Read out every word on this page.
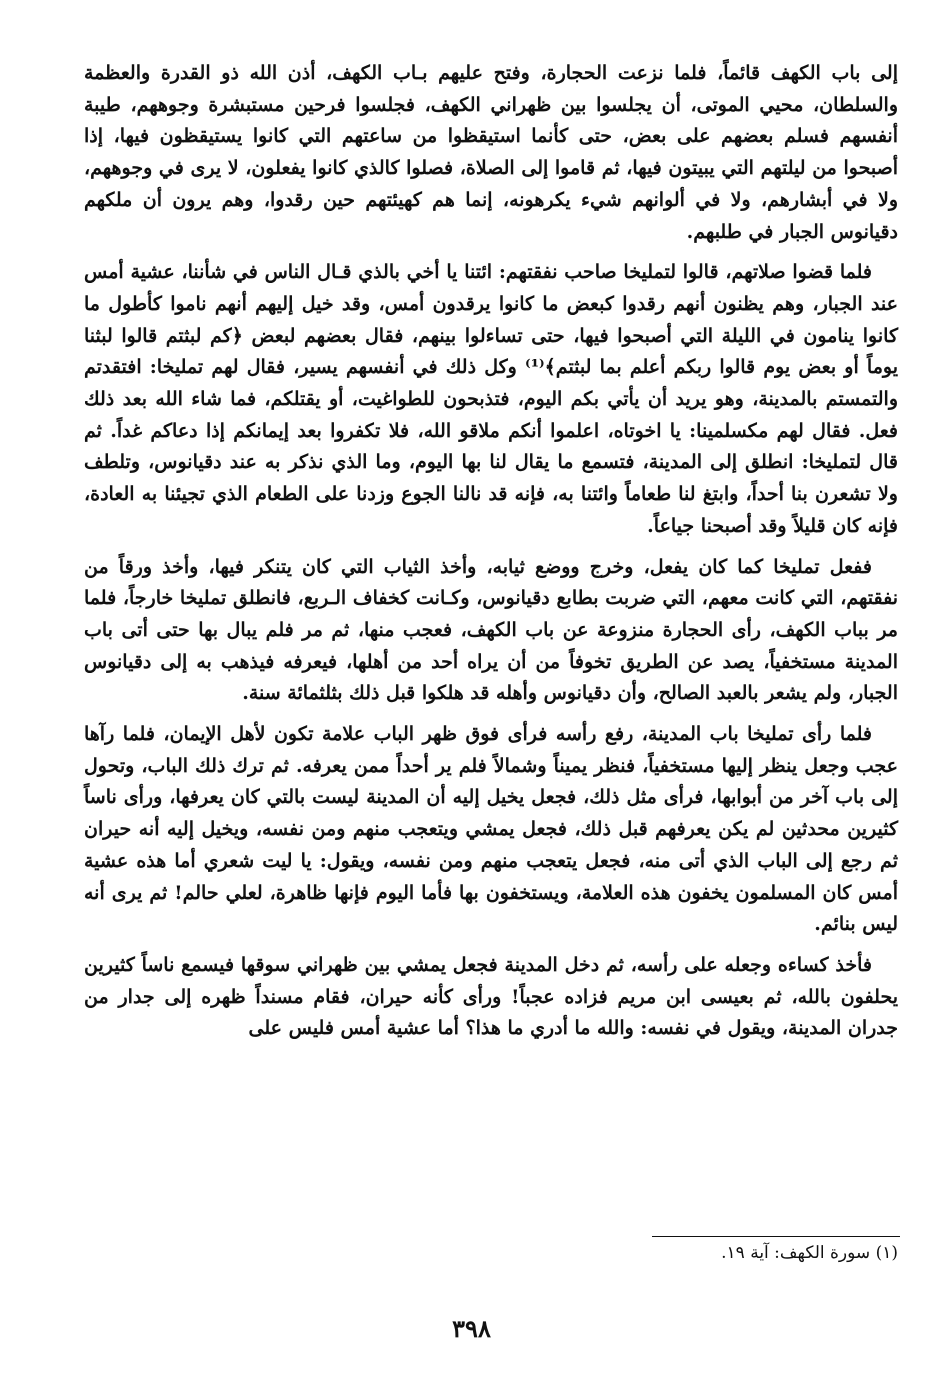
إلى باب الكهف قائماً، فلما نزعت الحجارة، وفتح عليهم بـاب الكهف، أذن الله ذو القدرة والعظمة والسلطان، محيي الموتى، أن يجلسوا بين ظهراني الكهف، فجلسوا فرحين مستبشرة وجوههم، طيبة أنفسهم فسلم بعضهم على بعض، حتى كأنما استيقظوا من ساعتهم التي كانوا يستيقظون فيها، إذا أصبحوا من ليلتهم التي يبيتون فيها، ثم قاموا إلى الصلاة، فصلوا كالذي كانوا يفعلون، لا يرى في وجوههم، ولا في أبشارهم، ولا في ألوانهم شيء يكرهونه، إنما هم كهيئتهم حين رقدوا، وهم يرون أن ملكهم دقيانوس الجبار في طلبهم.

فلما قضوا صلاتهم، قالوا لتمليخا صاحب نفقتهم: ائتنا يا أخي بالذي قـال الناس في شأننا، عشية أمس عند الجبار، وهم يظنون أنهم رقدوا كبعض ما كانوا يرقدون أمس، وقد خيل إليهم أنهم ناموا كأطول ما كانوا ينامون في الليلة التي أصبحوا فيها، حتى تساءلوا بينهم، فقال بعضهم لبعض ﴿كم لبثتم قالوا لبثنا يوماً أو بعض يوم قالوا ربكم أعلم بما لبثتم﴾⁽¹⁾ وكل ذلك في أنفسهم يسير، فقال لهم تمليخا: افتقدتم والتمستم بالمدينة، وهو يريد أن يأتي بكم اليوم، فتذبحون للطواغيت، أو يقتلكم، فما شاء الله بعد ذلك فعل. فقال لهم مكسلمينا: يا اخوتاه، اعلموا أنكم ملاقو الله، فلا تكفروا بعد إيمانكم إذا دعاكم غداً. ثم قال لتمليخا: انطلق إلى المدينة، فتسمع ما يقال لنا بها اليوم، وما الذي نذكر به عند دقيانوس، وتلطف ولا تشعرن بنا أحداً، وابتغ لنا طعاماً وائتنا به، فإنه قد نالنا الجوع وزدنا على الطعام الذي تجيئنا به العادة، فإنه كان قليلاً وقد أصبحنا جياعاً.

ففعل تمليخا كما كان يفعل، وخرج ووضع ثيابه، وأخذ الثياب التي كان يتنكر فيها، وأخذ ورقاً من نفقتهم، التي كانت معهم، التي ضربت بطابع دقيانوس، وكـانت كخفاف الـربع، فانطلق تمليخا خارجاً، فلما مر بباب الكهف، رأى الحجارة منزوعة عن باب الكهف، فعجب منها، ثم مر فلم يبال بها حتى أتى باب المدينة مستخفياً، يصد عن الطريق تخوفاً من أن يراه أحد من أهلها، فيعرفه فيذهب به إلى دقيانوس الجبار، ولم يشعر بالعبد الصالح، وأن دقيانوس وأهله قد هلكوا قبل ذلك بثلثمائة سنة.

فلما رأى تمليخا باب المدينة، رفع رأسه فرأى فوق ظهر الباب علامة تكون لأهل الإيمان، فلما رآها عجب وجعل ينظر إليها مستخفياً، فنظر يميناً وشمالاً فلم ير أحداً ممن يعرفه. ثم ترك ذلك الباب، وتحول إلى باب آخر من أبوابها، فرأى مثل ذلك، فجعل يخيل إليه أن المدينة ليست بالتي كان يعرفها، ورأى ناساً كثيرين محدثين لم يكن يعرفهم قبل ذلك، فجعل يمشي ويتعجب منهم ومن نفسه، ويخيل إليه أنه حيران ثم رجع إلى الباب الذي أتى منه، فجعل يتعجب منهم ومن نفسه، ويقول: يا ليت شعري أما هذه عشية أمس كان المسلمون يخفون هذه العلامة، ويستخفون بها فأما اليوم فإنها ظاهرة، لعلي حالم! ثم يرى أنه ليس بنائم.

فأخذ كساءه وجعله على رأسه، ثم دخل المدينة فجعل يمشي بين ظهراني سوقها فيسمع ناساً كثيرين يحلفون بالله، ثم بعيسى ابن مريم فزاده عجباً! ورأى كأنه حيران، فقام مسنداً ظهره إلى جدار من جدران المدينة، ويقول في نفسه: والله ما أدري ما هذا؟ أما عشية أمس فليس على

(١) سورة الكهف: آية ١٩.
٣٩٨
